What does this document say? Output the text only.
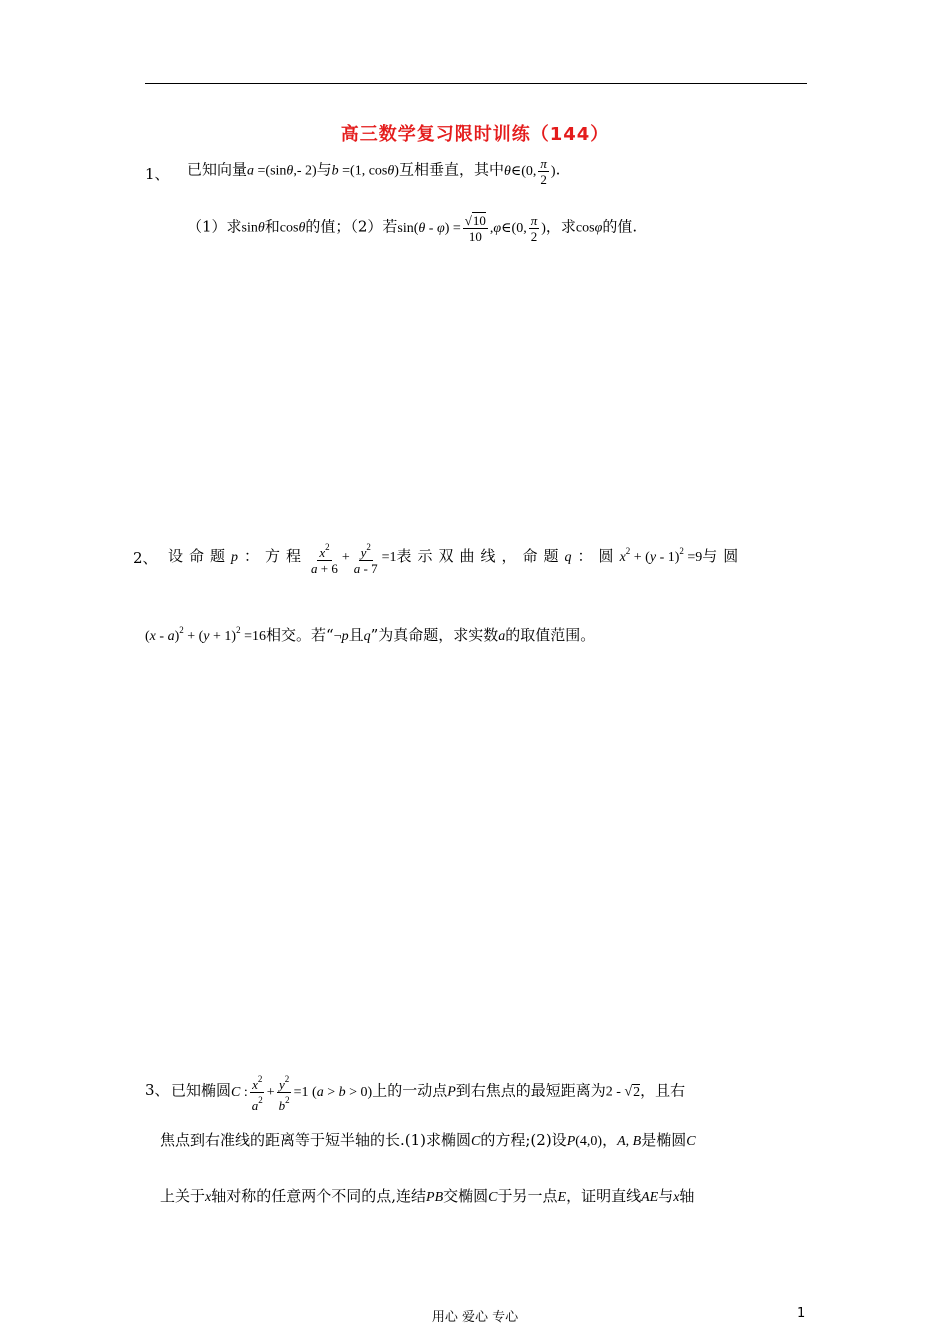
高三数学复习限时训练（144）
1、 已知向量a =(sinθ,- 2)与b =(1, cosθ)互相垂直，其中θ∈(0, $\frac{\pi}{2}$ ).
（1）求sinθ和cosθ的值；（2）若$\sin(\theta - \varphi) = \frac{√10}{10}$ ,φ∈(0, $\frac{\pi}{2}$ )，求cosφ的值.
2、 设命题p：方程 $\frac{x^2}{a + 6} + \frac{y^2}{a - 7} =1$表示双曲线，命题q：圆$x^2 + (y - 1)^2 =9$与圆
$(x - a)^2 + (y + 1)^2 =16$相交。若“¬p且q”为真命题，求实数a的取值范围。
3、 已知椭圆C : $\frac{x^2}{a^2} + \frac{y^2}{b^2} =1$ (a > b > 0)上的一动点P到右焦点的最短距离为2 - √2，且右
焦点到右准线的距离等于短半轴的长.(1)求椭圆C的方程;(2)设P(4,0)，A, B是椭圆C
上关于x轴对称的任意两个不同的点,连结PB交椭圆C于另一点E，证明直线AE与x轴
用心 爱心 专心	1
